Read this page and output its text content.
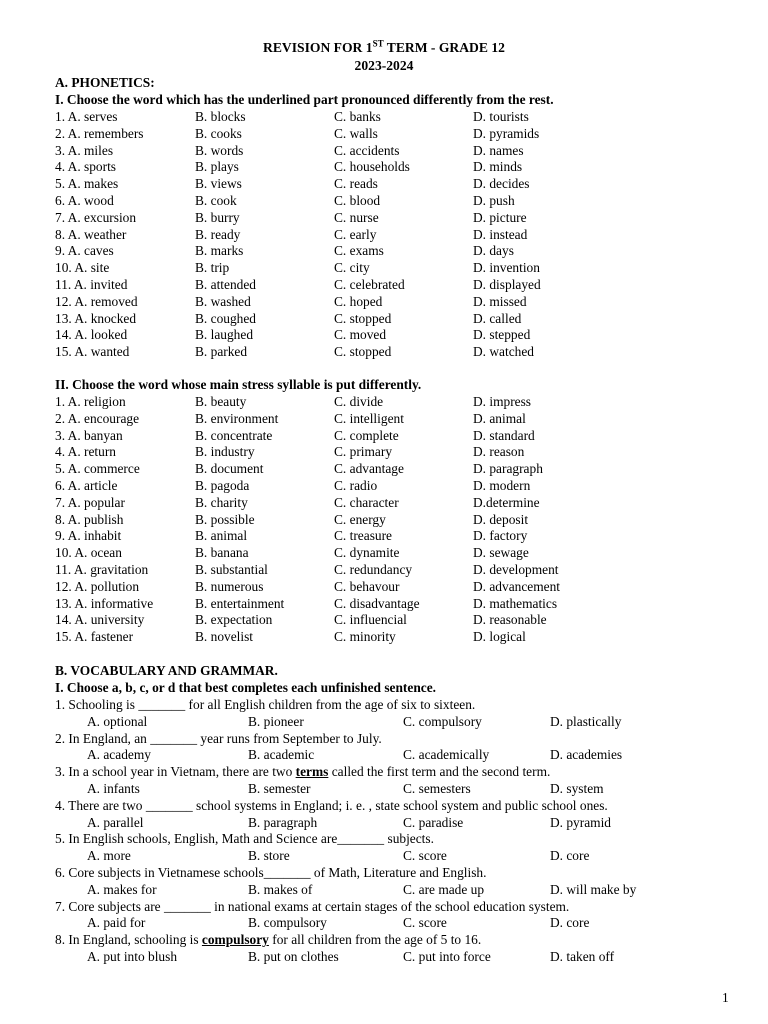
REVISION FOR 1ST TERM - GRADE 12
2023-2024
A. PHONETICS:
I. Choose the word which has the underlined part pronounced differently from the rest.
1. A. serves	B. blocks	C. banks	D. tourists
2. A. remembers	B. cooks	C. walls	D. pyramids
3. A. miles	B. words	C. accidents	D. names
4. A. sports	B. plays	C. households	D. minds
5. A. makes	B. views	C. reads	D. decides
6. A. wood	B. cook	C. blood	D. push
7. A. excursion	B. burry	C. nurse	D. picture
8. A. weather	B. ready	C. early	D. instead
9. A. caves	B. marks	C. exams	D. days
10. A. site	B. trip	C. city	D. invention
11. A. invited	B. attended	C. celebrated	D. displayed
12. A. removed	B. washed	C. hoped	D. missed
13. A. knocked	B. coughed	C. stopped	D. called
14. A. looked	B. laughed	C. moved	D. stepped
15. A. wanted	B. parked	C. stopped	D. watched
II. Choose the word whose main stress syllable is put differently.
1. A. religion	B. beauty	C. divide	D. impress
2. A. encourage	B. environment	C. intelligent	D. animal
3. A. banyan	B. concentrate	C. complete	D. standard
4. A. return	B. industry	C. primary	D. reason
5. A. commerce	B. document	C. advantage	D. paragraph
6. A. article	B. pagoda	C. radio	D. modern
7. A. popular	B. charity	C. character	D.determine
8. A. publish	B. possible	C. energy	D. deposit
9. A. inhabit	B. animal	C. treasure	D. factory
10. A. ocean	B. banana	C. dynamite	D. sewage
11. A. gravitation	B. substantial	C. redundancy	D. development
12. A. pollution	B. numerous	C. behavour	D. advancement
13. A. informative	B. entertainment	C. disadvantage	D. mathematics
14. A. university	B. expectation	C. influencial	D. reasonable
15. A. fastener	B. novelist	C. minority	D. logical
B. VOCABULARY AND GRAMMAR.
I. Choose a, b, c, or d that best completes each unfinished sentence.
1. Schooling is _______ for all English children from the age of six to sixteen.
A. optional	B. pioneer	C. compulsory	D. plastically
2. In England, an _______ year runs from September to July.
A. academy	B. academic	C. academically	D. academies
3. In a school year in Vietnam, there are two terms called the first term and the second term.
A. infants	B. semester	C. semesters	D. system
4. There are two _______ school systems in England; i. e. , state school system and public school ones.
A. parallel	B. paragraph	C. paradise	D. pyramid
5. In English schools, English, Math and Science are_______ subjects.
A. more	B. store	C. score	D. core
6. Core subjects in Vietnamese schools_______ of Math, Literature and English.
A. makes for	B. makes of	C. are made up	D. will make by
7. Core subjects are _______ in national exams at certain stages of the school education system.
A. paid for	B. compulsory	C. score	D. core
8. In England, schooling is compulsory for all children from the age of 5 to 16.
A. put into blush	B. put on clothes	C. put into force	D. taken off
1
